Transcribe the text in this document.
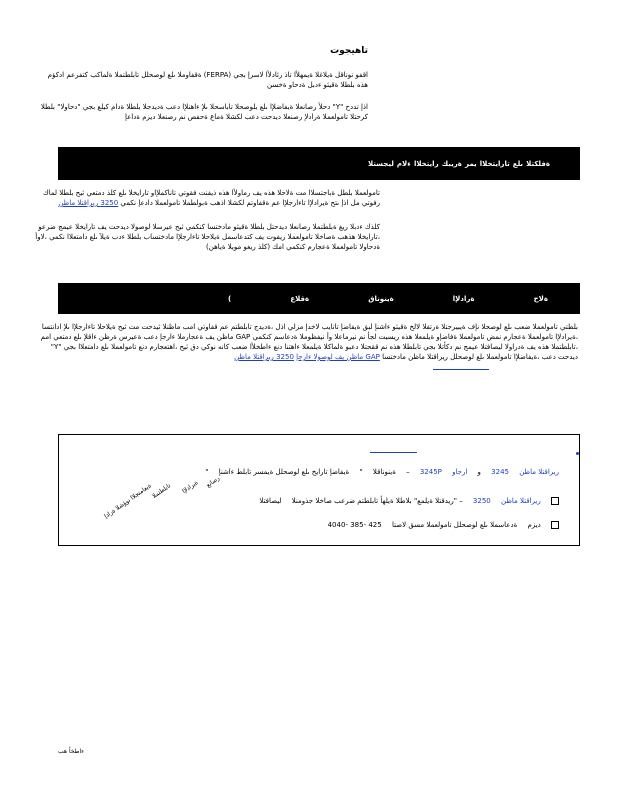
تاهيجوت
اقفو نوناقل ةيلاغلا ةيمهلأا تاذ رئادلأا لاسرإ بجي (FERPA) ةقفاوملا ىلع لوصحلل تابلطتملا ةلماكب كتفرعم ادكؤم هذه بلطلا ةقيثو ءدبل ةدحاو ةخسن
اذإ تددح "Y" دحلأ رصانعلا ةيفاضلإا ىلع يلوصحلا تاباسحلا ىلإ ءاهنلإا دعب ةديدجلا بلطلا ةدام كيلع بجي "دحاولا" بلطلا كرحتلا تامولعملا ةرادلإ رصنعلا ديدحت دعب لكشلا ةماع ةحفص نم رصنعلا ديزم ةداعإ
ةفلكتلا
ىلع
تارايتخلاا
يمر
ةريبك
رايتخلاا
ءلام
ليجستلا
تامولعملا بلطل ةباجتسلاا مت ةلاحلا هذه يف رماولأا هذه ذيفنت فقوتي تاناكملإاو تارايخلا ىلع كلذ دمتعي ثيح بلطلا لماك رفوتي مل اذإ ىتح ةيرادلإا تاءارجلإا عم ةقفاوتم لكشلا اذهب ةبولطملا تامولعملا دادعإ نكمي 3250 ريراقتلا ماظن
كلذك ءدبلا ريغ ةبلطتملا رصانعلا ديدحتل بلطلا ةقيثو مادختسا كنكمي ثيح عيرسلا لوصولا ديدحت يف تارايخلا عيمج ضرعو ،تارايخلا هذهب ةصاخلا تامولعملا ريفوت يف كتدعاسمل ةيلاحلا تاءارجلإا مادختساب بلطلا ءدب ةيلآ ىلع دامتعلاا نكمي ،لاوأ ةدحاولا تامولعملا ةعجارم كنكمي امك (كلذ ريغو مويلا ةياهن)
ةلاح
ةرادلإا
ةينوناق
ةقلاع
)
بلطتي تامولعملا ضعب ىلع لوصحلا نإف ةيبيرجتلا ةرتفلا لالخ ةقيثو ءاشنإ لبق ةيفاضإ تانايب لاخدإ مزلي اذل ،ةديدج تابلطتم عم قفاوتي امب ماظنلا ثيدحت مت ثيح ةيلاحلا تاءارجلإا ىلإ ادانتسا ،ةيرادلإا تامولعملا ةعجارم نمض تامولعملا ةفاضإو ةيلمعلا هذه ريسيت لجأ نم نيرماعلا وأ نيفظوملا ةدعاسم كنكمي GAP ماظن يف ةعجارملا ءارجإ دعب ةعيرس ةرظن ءاقلإ ىلع دمتعي امم ،تابلطتملا هذه يف ةدراولا ليصافتلا عيمج نم دكأتلا بجي تابلطلا هذه نم ققحتلا دعبو ةلماكلا ةيلمعلا ءاهتنا دنع ءاطخلأا ضعب كانه نوكي دق ثيح ،اهتعجارم دنع تامولعملا ىلع دامتعلاا بجي "Y" ديدحت دعب ،ةيفاضلإا تامولعملا ىلع لوصحلل ريراقتلا ماظن مادختسا GAP ماظن يف لوصولا ءارجإ 3250 ريراقتلا ماظن
ةيعامتجلاا نوؤشلا ةرادإ
تابلطتملا ةيرادلإا رصانع
ريراقتلا ماظن 3245 و ارجاو 3245P – ةينوناقلا " ةيفاضإ تارايخ ىلع لوصحلل ةيمسر تابلط ءاشنإ "
ريراقتلا ماظن 3250 – "ريدقتلا ةيلمع" بلاطلا ةيلهأ تابلطتم ضرعب صاخلا جذومنلا ليصافتلا
ديزم ةدعاسملا ىلع لوصحلل تامولعملا مسق لاصتا 425 -385 -4040
ءاطخأ هب
